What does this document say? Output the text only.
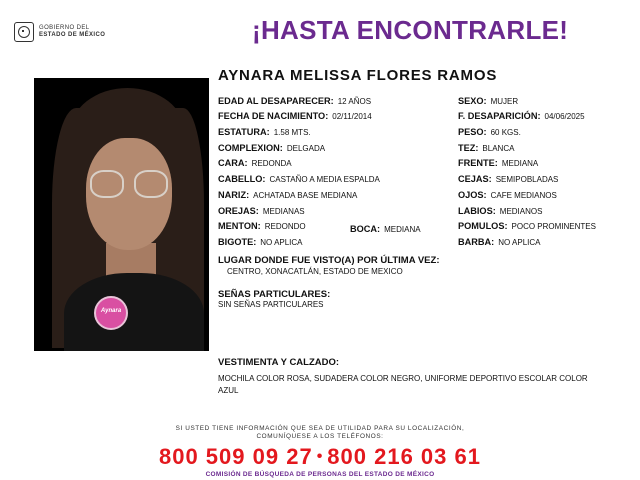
GOBIERNO DEL
ESTADO DE MÉXICO	¡HASTA ENCONTRARLE!
Aynara
AYNARA MELISSA FLORES RAMOS
EDAD AL DESAPARECER: 12 AÑOS	SEXO: MUJER
FECHA DE NACIMIENTO: 02/11/2014	F. DESAPARICIÓN: 04/06/2025
ESTATURA: 1.58 MTS.	PESO: 60 KGS.
COMPLEXION: DELGADA	TEZ: BLANCA
CARA: REDONDA	FRENTE: MEDIANA
CABELLO: CASTAÑO A MEDIA ESPALDA	CEJAS: SEMIPOBLADAS
NARIZ: ACHATADA BASE MEDIANA	OJOS: CAFE MEDIANOS
OREJAS: MEDIANAS	LABIOS: MEDIANOS
MENTON: REDONDO	BOCA: MEDIANA	POMULOS: POCO PROMINENTES
BIGOTE: NO APLICA	BARBA: NO APLICA
LUGAR DONDE FUE VISTO(A) POR ÚLTIMA VEZ:
CENTRO, XONACATLÁN, ESTADO DE MEXICO
SEÑAS PARTICULARES:
SIN SEÑAS PARTICULARES
VESTIMENTA Y CALZADO:
MOCHILA COLOR ROSA, SUDADERA COLOR NEGRO, UNIFORME DEPORTIVO ESCOLAR COLOR AZUL
SI USTED TIENE INFORMACIÓN QUE SEA DE UTILIDAD PARA SU LOCALIZACIÓN,
COMUNÍQUESE A LOS TELÉFONOS:
800 509 09 27 • 800 216 03 61
COMISIÓN DE BÚSQUEDA DE PERSONAS DEL ESTADO DE MÉXICO
